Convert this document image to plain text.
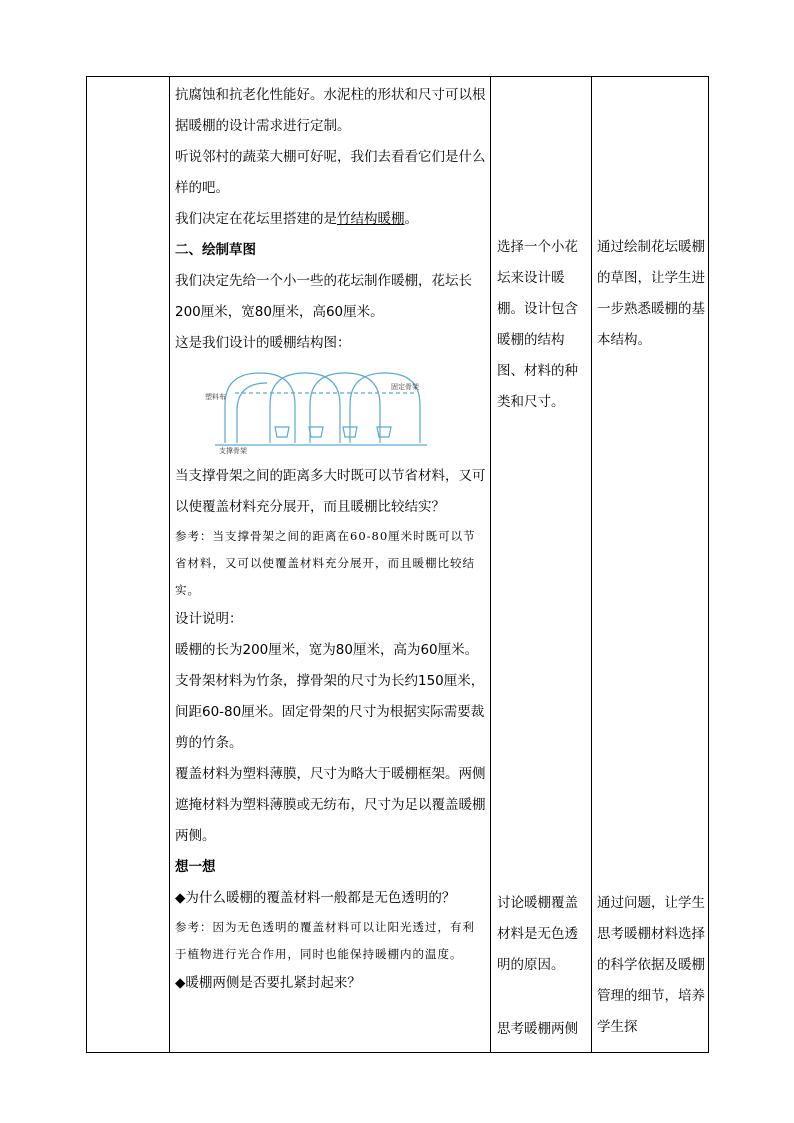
抗腐蚀和抗老化性能好。水泥柱的形状和尺寸可以根据暖棚的设计需求进行定制。

听说邻村的蔬菜大棚可好呢，我们去看看它们是什么样的吧。

我们决定在花坛里搭建的是竹结构暖棚。

二、绘制草图

我们决定先给一个小一些的花坛制作暖棚，花坛长200厘米，宽80厘米，高60厘米。

这是我们设计的暖棚结构图：

塑料布
固定骨架
支撑骨架

当支撑骨架之间的距离多大时既可以节省材料，又可以使覆盖材料充分展开，而且暖棚比较结实？

参考：当支撑骨架之间的距离在60-80厘米时既可以节省材料，又可以使覆盖材料充分展开，而且暖棚比较结实。

设计说明：

暖棚的长为200厘米，宽为80厘米，高为60厘米。

支骨架材料为竹条，撑骨架的尺寸为长约150厘米，间距60-80厘米。固定骨架的尺寸为根据实际需要裁剪的竹条。

覆盖材料为塑料薄膜，尺寸为略大于暖棚框架。两侧遮掩材料为塑料薄膜或无纺布，尺寸为足以覆盖暖棚两侧。

想一想

◆为什么暖棚的覆盖材料一般都是无色透明的？

参考：因为无色透明的覆盖材料可以让阳光透过，有利于植物进行光合作用，同时也能保持暖棚内的温度。

◆暖棚两侧是否要扎紧封起来？

选择一个小花坛来设计暖棚。设计包含暖棚的结构图、材料的种类和尺寸。
讨论暖棚覆盖材料是无色透明的原因。
思考暖棚两侧
通过绘制花坛暖棚的草图，让学生进一步熟悉暖棚的基本结构。
通过问题，让学生思考暖棚材料选择的科学依据及暖棚管理的细节，培养学生探
